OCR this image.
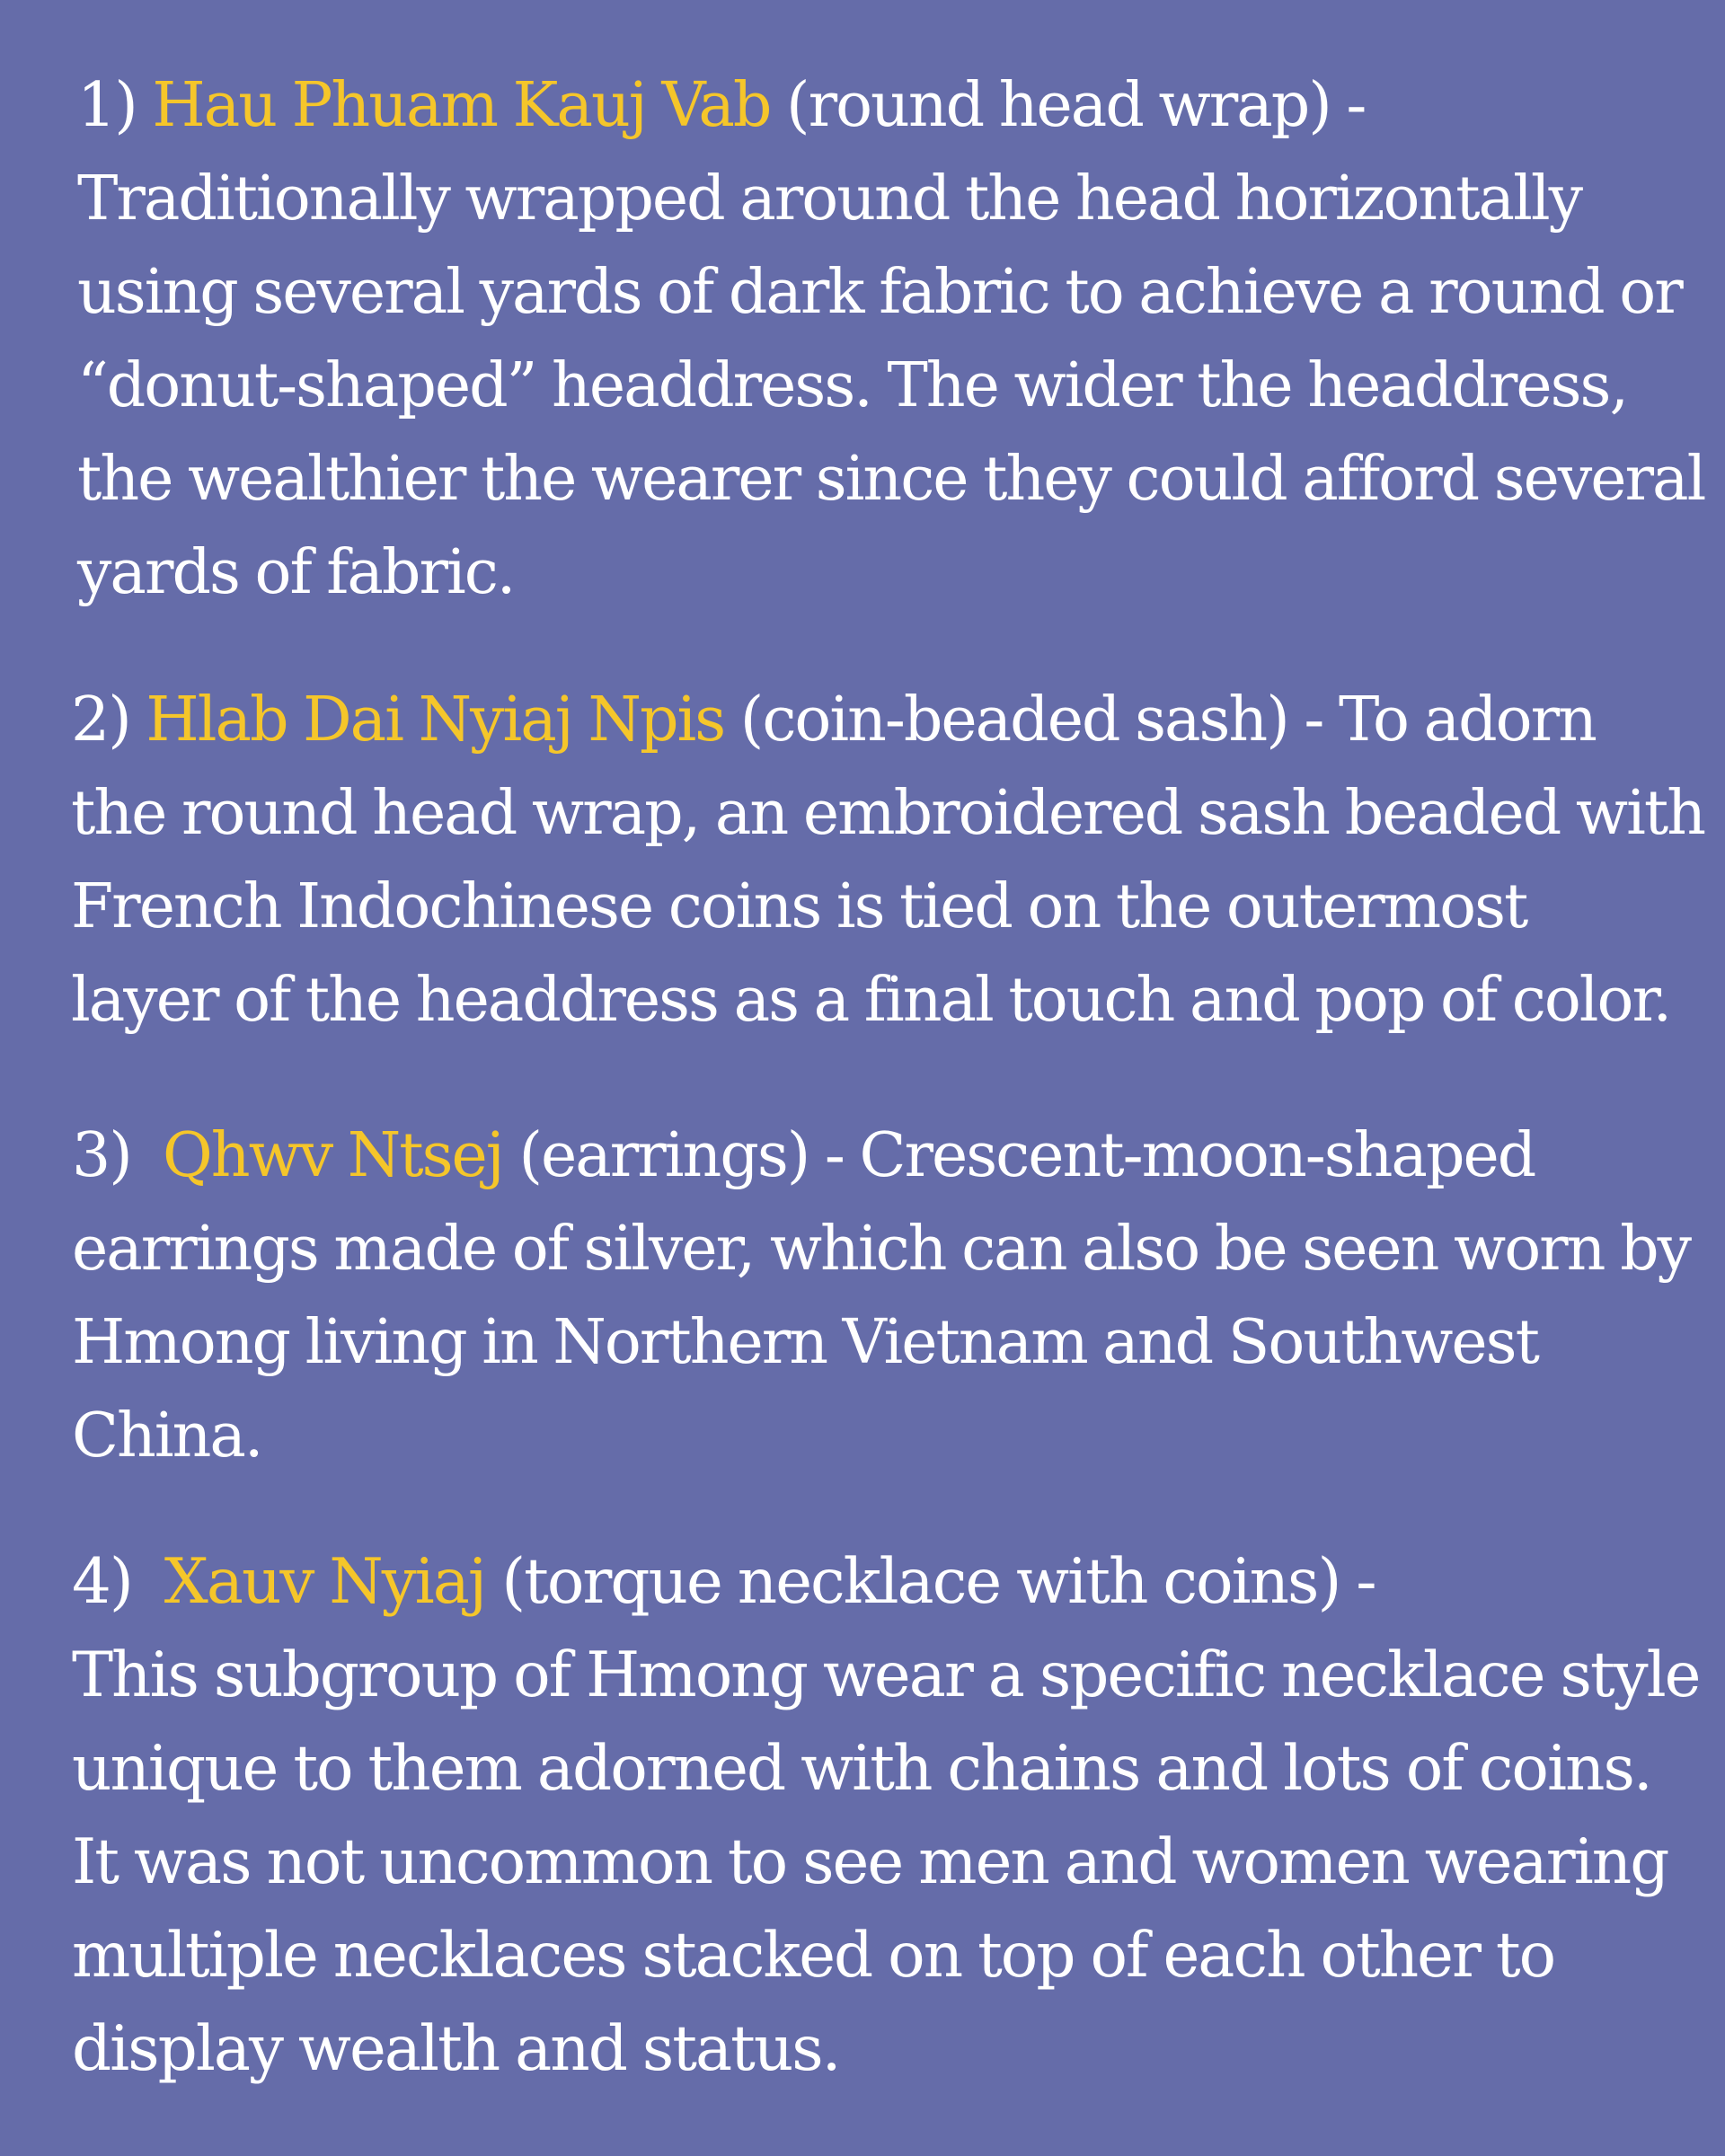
1) Hau Phuam Kauj Vab (round head wrap) -
Traditionally wrapped around the head horizontally
using several yards of dark fabric to achieve a round or
“donut-shaped” headdress. The wider the headdress,
the wealthier the wearer since they could afford several
yards of fabric.
2) Hlab Dai Nyiaj Npis (coin-beaded sash) - To adorn
the round head wrap, an embroidered sash beaded with
French Indochinese coins is tied on the outermost
layer of the headdress as a final touch and pop of color.
3) Qhwv Ntsej (earrings) - Crescent-moon-shaped
earrings made of silver, which can also be seen worn by
Hmong living in Northern Vietnam and Southwest
China.
4) Xauv Nyiaj (torque necklace with coins) -
This subgroup of Hmong wear a specific necklace style
unique to them adorned with chains and lots of coins.
It was not uncommon to see men and women wearing
multiple necklaces stacked on top of each other to
display wealth and status.
